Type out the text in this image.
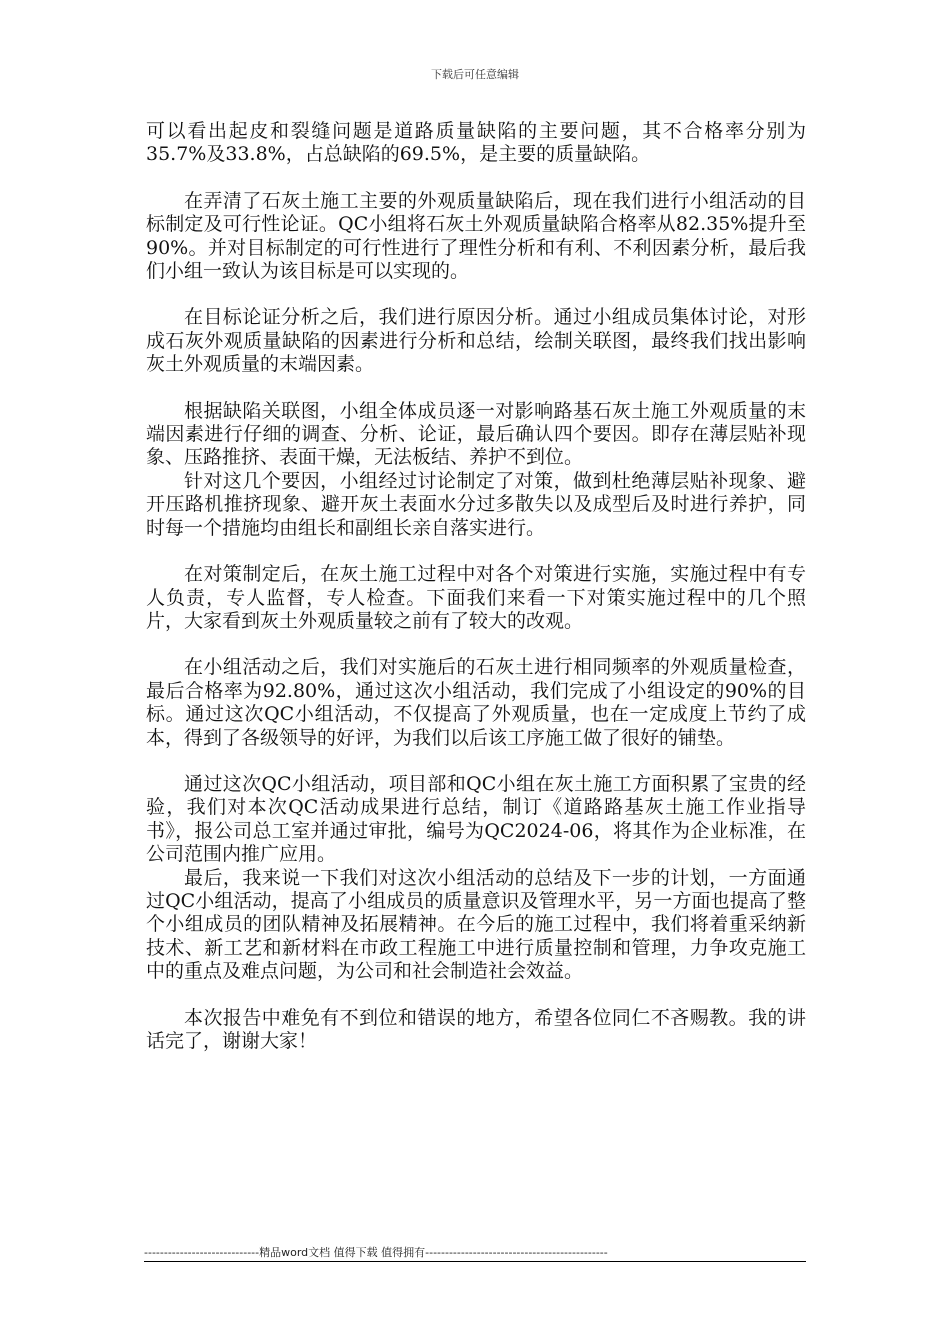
下载后可任意编辑

可以看出起皮和裂缝问题是道路质量缺陷的主要问题，其不合格率分别为35.7%及33.8%，占总缺陷的69.5%，是主要的质量缺陷。

在弄清了石灰土施工主要的外观质量缺陷后，现在我们进行小组活动的目标制定及可行性论证。QC小组将石灰土外观质量缺陷合格率从82.35%提升至90%。并对目标制定的可行性进行了理性分析和有利、不利因素分析，最后我们小组一致认为该目标是可以实现的。

在目标论证分析之后，我们进行原因分析。通过小组成员集体讨论，对形成石灰外观质量缺陷的因素进行分析和总结，绘制关联图，最终我们找出影响灰土外观质量的末端因素。

根据缺陷关联图，小组全体成员逐一对影响路基石灰土施工外观质量的末端因素进行仔细的调查、分析、论证，最后确认四个要因。即存在薄层贴补现象、压路推挤、表面干燥，无法板结、养护不到位。

针对这几个要因，小组经过讨论制定了对策，做到杜绝薄层贴补现象、避开压路机推挤现象、避开灰土表面水分过多散失以及成型后及时进行养护，同时每一个措施均由组长和副组长亲自落实进行。

在对策制定后，在灰土施工过程中对各个对策进行实施，实施过程中有专人负责，专人监督，专人检查。下面我们来看一下对策实施过程中的几个照片，大家看到灰土外观质量较之前有了较大的改观。

在小组活动之后，我们对实施后的石灰土进行相同频率的外观质量检查，最后合格率为92.80%，通过这次小组活动，我们完成了小组设定的90%的目标。通过这次QC小组活动，不仅提高了外观质量，也在一定成度上节约了成本，得到了各级领导的好评，为我们以后该工序施工做了很好的铺垫。

通过这次QC小组活动，项目部和QC小组在灰土施工方面积累了宝贵的经验，我们对本次QC活动成果进行总结，制订《道路路基灰土施工作业指导书》，报公司总工室并通过审批，编号为QC2024-06，将其作为企业标准，在公司范围内推广应用。

最后，我来说一下我们对这次小组活动的总结及下一步的计划，一方面通过QC小组活动，提高了小组成员的质量意识及管理水平，另一方面也提高了整个小组成员的团队精神及拓展精神。在今后的施工过程中，我们将着重采纳新技术、新工艺和新材料在市政工程施工中进行质量控制和管理，力争攻克施工中的重点及难点问题，为公司和社会制造社会效益。

本次报告中难免有不到位和错误的地方，希望各位同仁不吝赐教。我的讲话完了，谢谢大家！

-----------------------------精品word文档 值得下载 值得拥有----------------------------------------------
